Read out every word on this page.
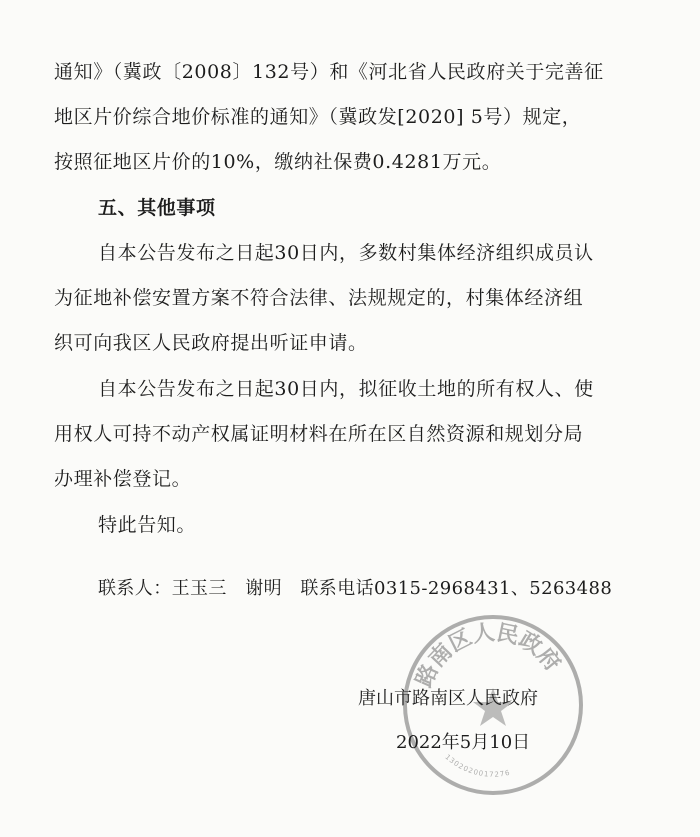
通知》（冀政〔2008〕132号）和《河北省人民政府关于完善征
地区片价综合地价标准的通知》（冀政发[2020] 5号）规定，
按照征地区片价的10%，缴纳社保费0.4281万元。
五、其他事项
自本公告发布之日起30日内，多数村集体经济组织成员认
为征地补偿安置方案不符合法律、法规规定的，村集体经济组
织可向我区人民政府提出听证申请。
自本公告发布之日起30日内，拟征收土地的所有权人、使
用权人可持不动产权属证明材料在所在区自然资源和规划分局
办理补偿登记。
特此告知。
联系人：王玉三　谢明　联系电话0315-2968431、5263488
路南区人民政府
1302020017276
唐山市路南区人民政府
2022年5月10日
